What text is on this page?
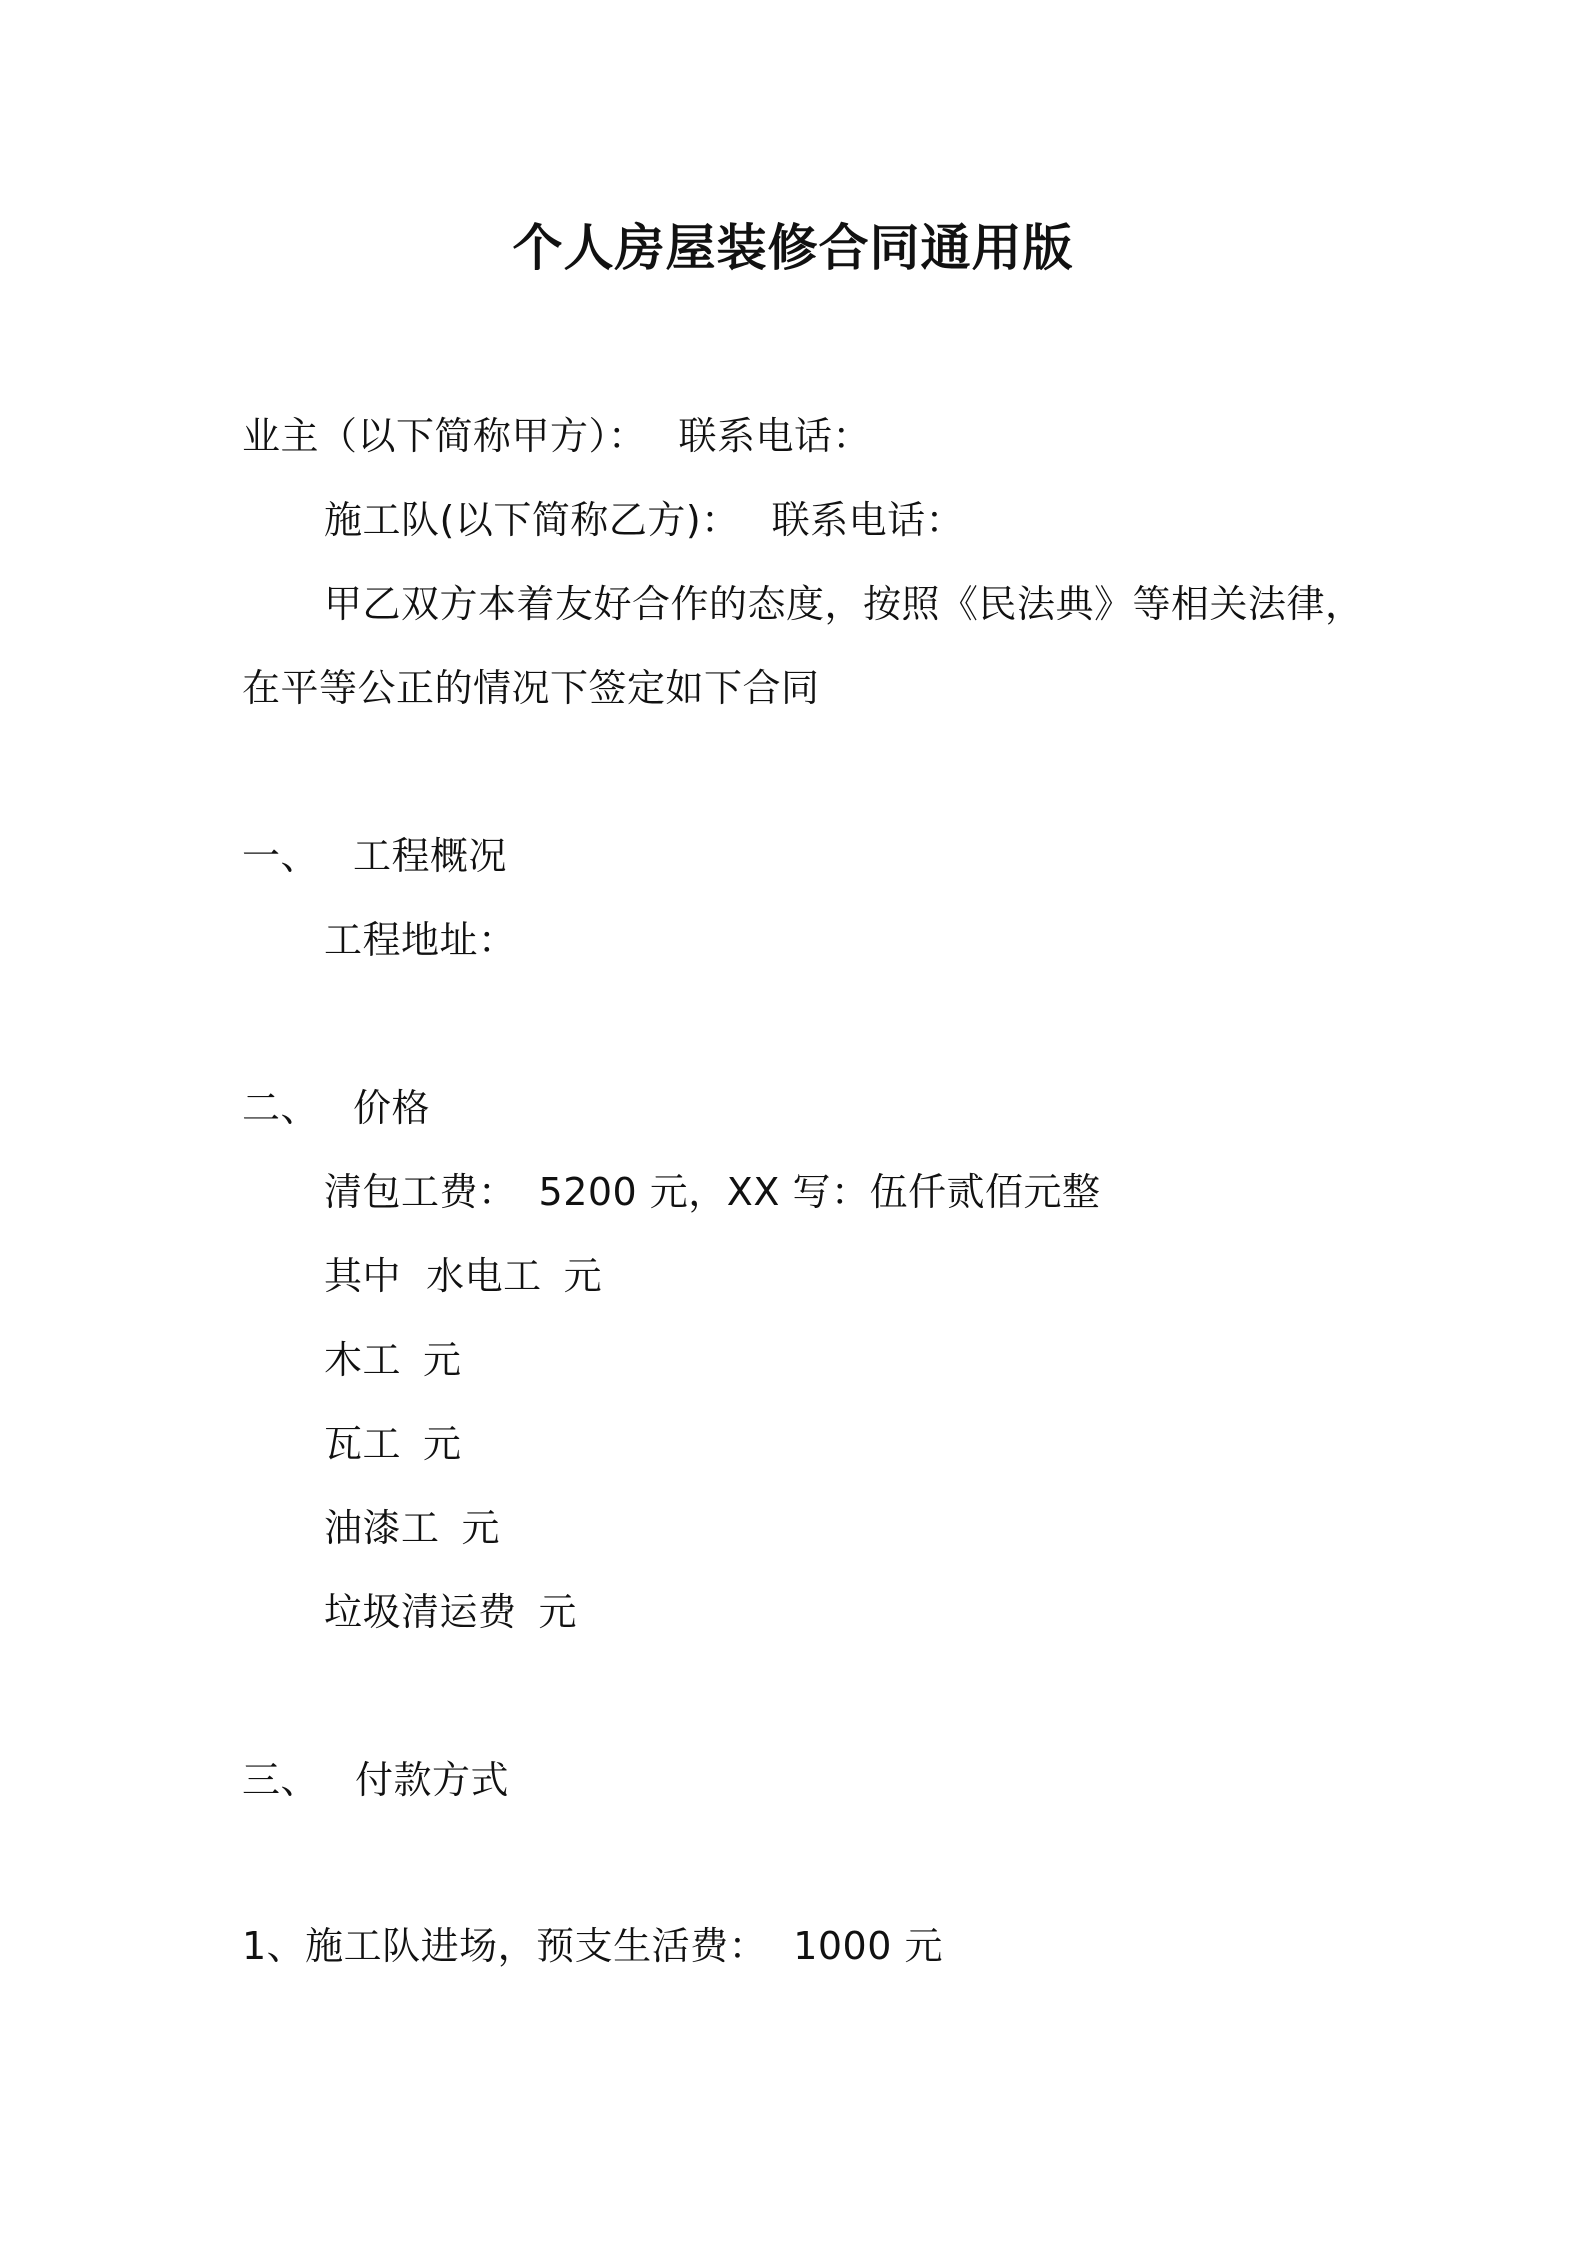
个人房屋装修合同通用版
业主（以下简称甲方）： 联系电话：
施工队(以下简称乙方)： 联系电话：
甲乙双方本着友好合作的态度，按照《民法典》等相关法律，
在平等公正的情况下签定如下合同
一、 工程概况
工程地址：
二、 价格
清包工费： 5200 元，XX 写：伍仟贰佰元整
其中  水电工 元
木工 元
瓦工 元
油漆工 元
垃圾清运费 元
三、 付款方式
1、施工队进场，预支生活费： 1000 元
